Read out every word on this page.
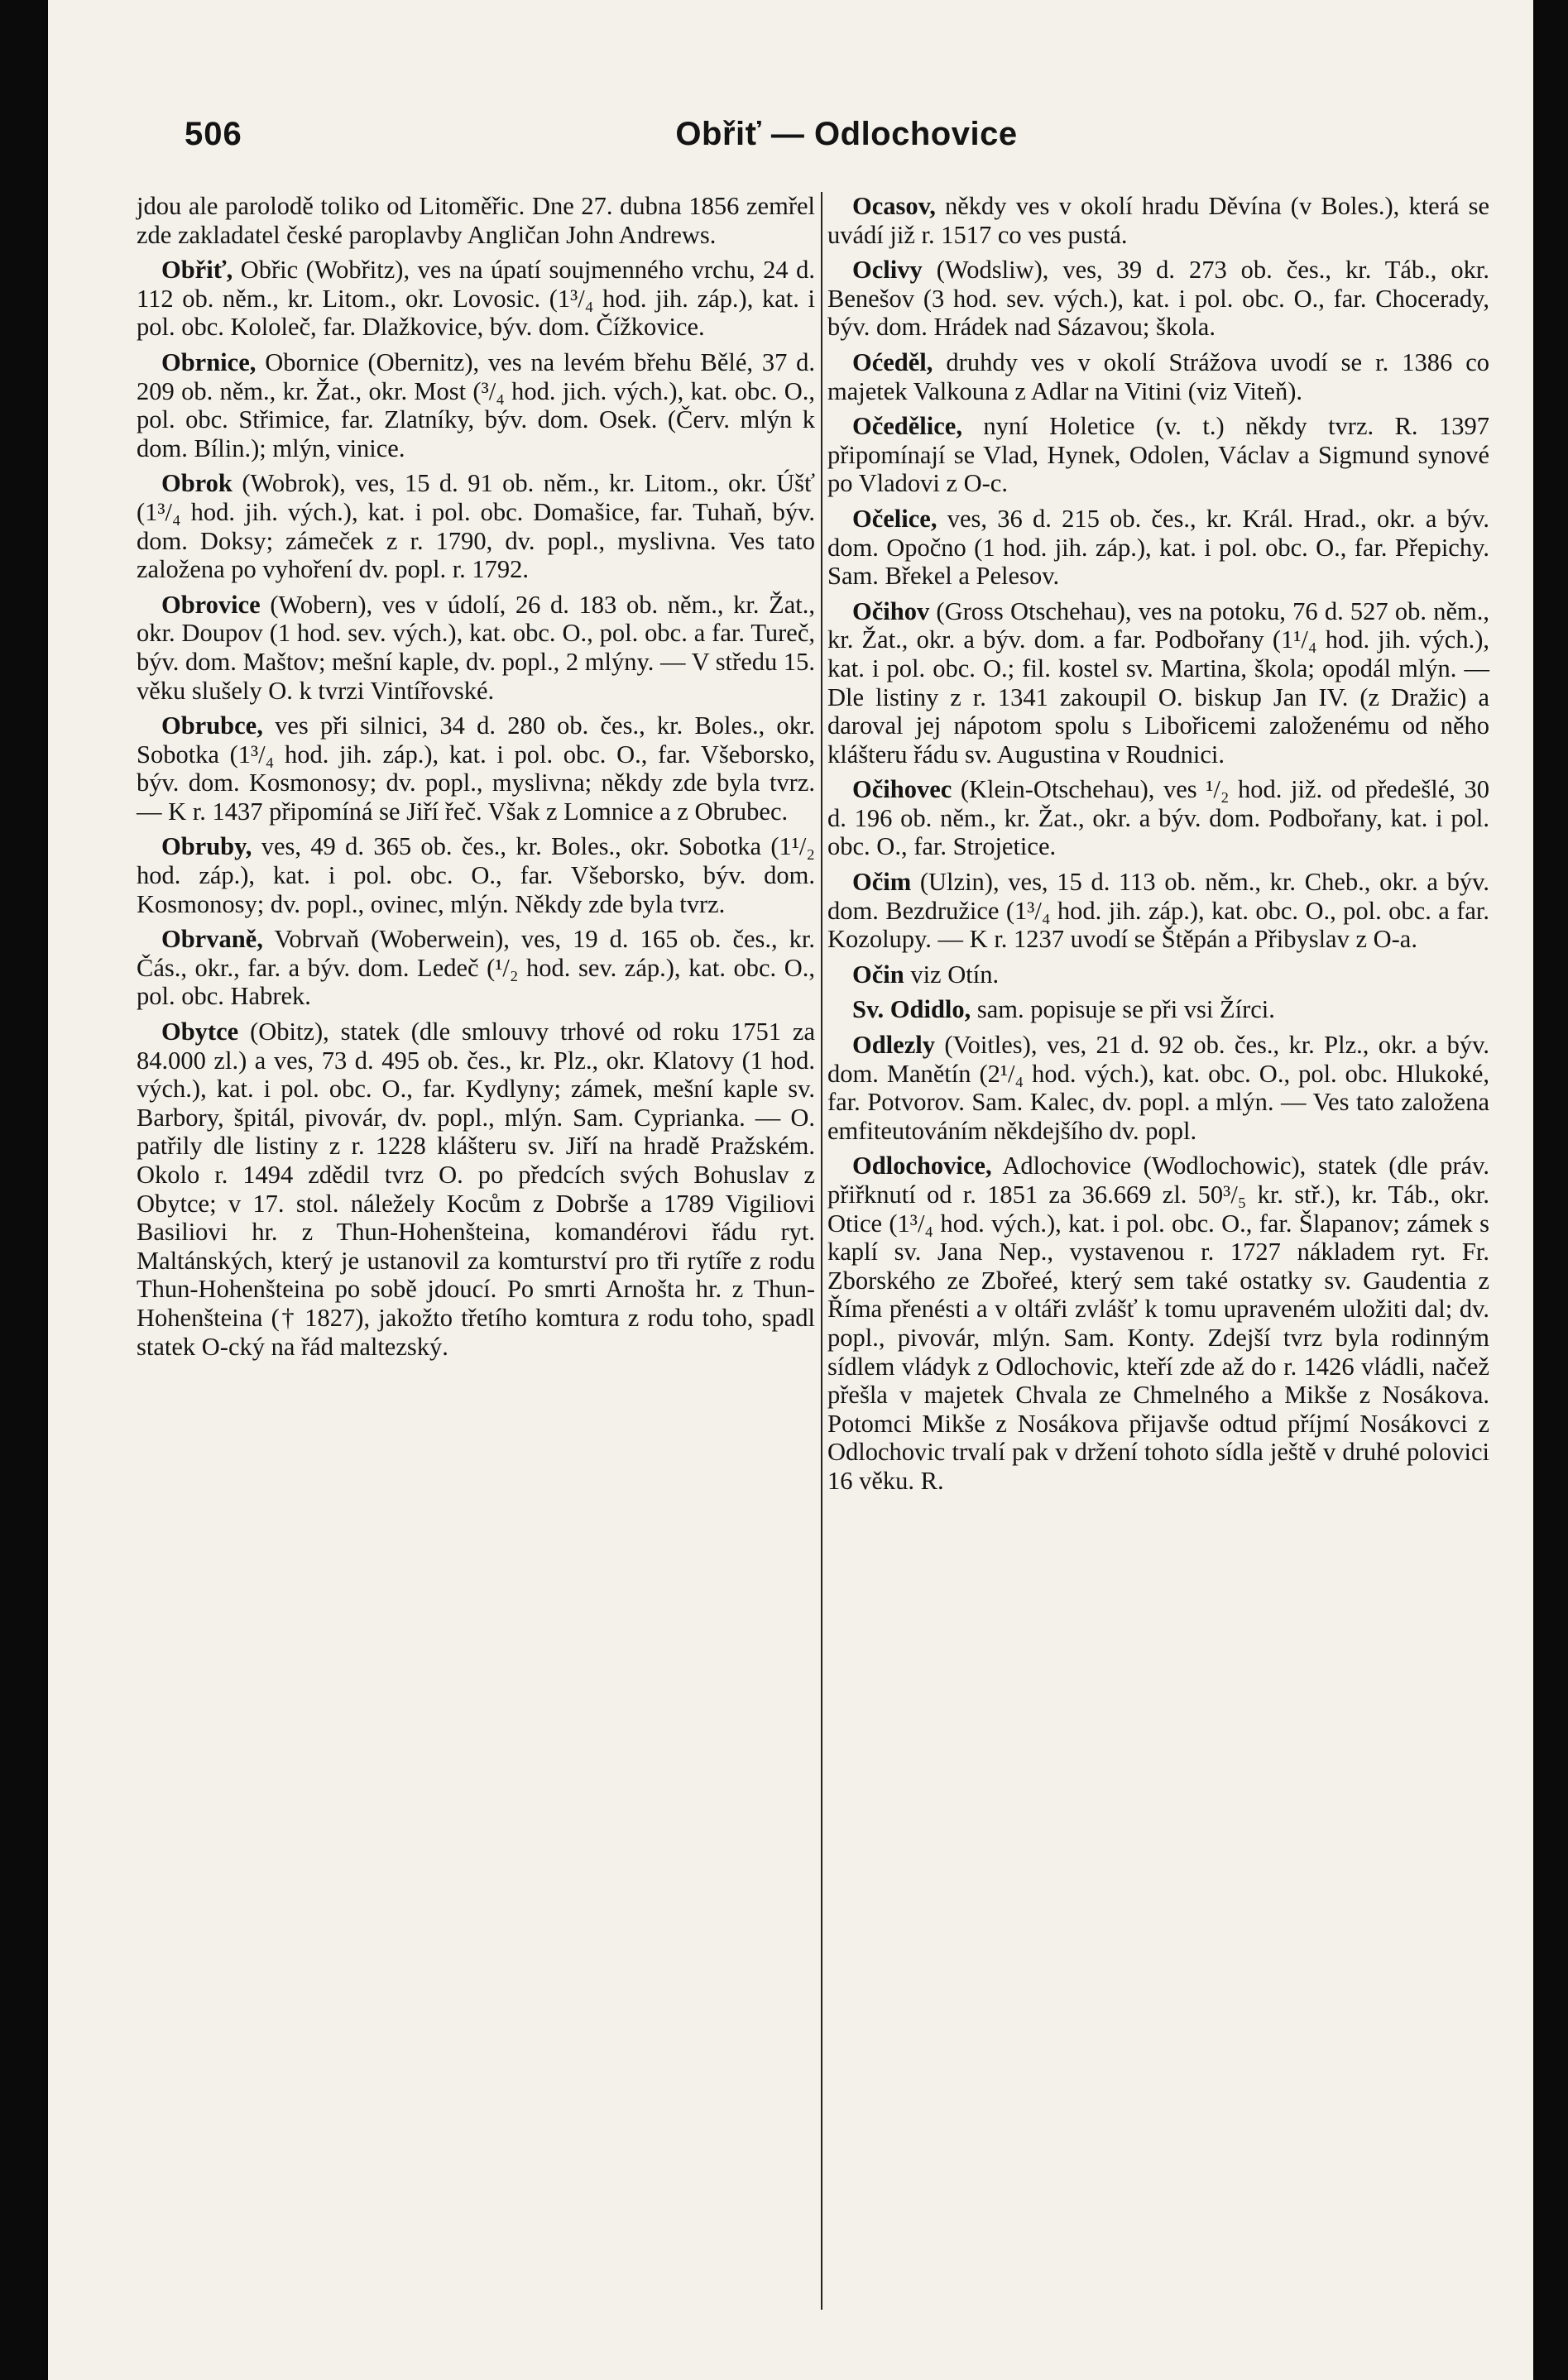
Obřiť — Odlochovice
506

jdou ale parolodě toliko od Litoměřic. Dne 27. dubna 1856 zemřel zde zakladatel české paroplavby Angličan John Andrews.

Obřiť, Obřic (Wobřitz), ves na úpatí soujmenného vrchu, 24 d. 112 ob. něm., kr. Litom., okr. Lovosic. (1³/₄ hod. jih. záp.), kat. i pol. obc. Kololeč, far. Dlažkovice, býv. dom. Čížkovice.

Obrnice, Obornice (Obernitz), ves na levém břehu Bělé, 37 d. 209 ob. něm., kr. Žat., okr. Most (³/₄ hod. jich. vých.), kat. obc. O., pol. obc. Střimice, far. Zlatníky, býv. dom. Osek. (Červ. mlýn k dom. Bílin.); mlýn, vinice.

Obrok (Wobrok), ves, 15 d. 91 ob. něm., kr. Litom., okr. Úšť (1³/₄ hod. jih. vých.), kat. i pol. obc. Domašice, far. Tuhaň, býv. dom. Doksy; zámeček z r. 1790, dv. popl., myslivna. Ves tato založena po vyhoření dv. popl. r. 1792.

Obrovice (Wobern), ves v údolí, 26 d. 183 ob. něm., kr. Žat., okr. Doupov (1 hod. sev. vých.), kat. obc. O., pol. obc. a far. Tureč, býv. dom. Maštov; mešní kaple, dv. popl., 2 mlýny. — V středu 15. věku slušely O. k tvrzi Vintířovské.

Obrubce, ves při silnici, 34 d. 280 ob. čes., kr. Boles., okr. Sobotka (1³/₄ hod. jih. záp.), kat. i pol. obc. O., far. Všeborsko, býv. dom. Kosmonosy; dv. popl., myslivna; někdy zde byla tvrz. — K r. 1437 připomíná se Jiří řeč. Však z Lomnice a z Obrubec.

Obruby, ves, 49 d. 365 ob. čes., kr. Boles., okr. Sobotka (1¹/₂ hod. záp.), kat. i pol. obc. O., far. Všeborsko, býv. dom. Kosmonosy; dv. popl., ovinec, mlýn. Někdy zde byla tvrz.

Obrvaně, Vobrvaň (Woberwein), ves, 19 d. 165 ob. čes., kr. Čás., okr., far. a býv. dom. Ledeč (¹/₂ hod. sev. záp.), kat. obc. O., pol. obc. Habrek.

Obytce (Obitz), statek (dle smlouvy trhové od roku 1751 za 84.000 zl.) a ves, 73 d. 495 ob. čes., kr. Plz., okr. Klatovy (1 hod. vých.), kat. i pol. obc. O., far. Kydlyny; zámek, mešní kaple sv. Barbory, špitál, pivovár, dv. popl., mlýn. Sam. Cyprianka. — O. patřily dle listiny z r. 1228 klášteru sv. Jiří na hradě Pražském. Okolo r. 1494 zdědil tvrz O. po předcích svých Bohuslav z Obytce; v 17. stol. náležely Kocům z Dobrše a 1789 Vigiliovi Basiliovi hr. z Thun-Hohenšteina, komandérovi řádu ryt. Maltánských, který je ustanovil za komturství pro tři rytíře z rodu Thun-Hohenšteina po sobě jdoucí. Po smrti Arnošta hr. z Thun-Hohenšteina († 1827), jakožto třetího komtura z rodu toho, spadl statek O-cký na řád maltezský.

Ocasov, někdy ves v okolí hradu Děvína (v Boles.), která se uvádí již r. 1517 co ves pustá.

Oclivy (Wodsliw), ves, 39 d. 273 ob. čes., kr. Táb., okr. Benešov (3 hod. sev. vých.), kat. i pol. obc. O., far. Chocerady, býv. dom. Hrádek nad Sázavou; škola.

Oćeděl, druhdy ves v okolí Strážova uvodí se r. 1386 co majetek Valkouna z Adlar na Vitini (viz Viteň).

Očedělice, nyní Holetice (v. t.) někdy tvrz. R. 1397 připomínají se Vlad, Hynek, Odolen, Václav a Sigmund synové po Vladovi z O-c.

Očelice, ves, 36 d. 215 ob. čes., kr. Král. Hrad., okr. a býv. dom. Opočno (1 hod. jih. záp.), kat. i pol. obc. O., far. Přepichy. Sam. Břekel a Pelesov.

Očihov (Gross Otschehau), ves na potoku, 76 d. 527 ob. něm., kr. Žat., okr. a býv. dom. a far. Podbořany (1¹/₄ hod. jih. vých.), kat. i pol. obc. O.; fil. kostel sv. Martina, škola; opodál mlýn. — Dle listiny z r. 1341 zakoupil O. biskup Jan IV. (z Dražic) a daroval jej nápotom spolu s Libořicemi založenému od něho klášteru řádu sv. Augustina v Roudnici.

Očihovec (Klein-Otschehau), ves ¹/₂ hod. již. od předešlé, 30 d. 196 ob. něm., kr. Žat., okr. a býv. dom. Podbořany, kat. i pol. obc. O., far. Strojetice.

Očim (Ulzin), ves, 15 d. 113 ob. něm., kr. Cheb., okr. a býv. dom. Bezdružice (1³/₄ hod. jih. záp.), kat. obc. O., pol. obc. a far. Kozolupy. — K r. 1237 uvodí se Štěpán a Přibyslav z O-a.

Očin viz Otín.

Sv. Odidlo, sam. popisuje se při vsi Žírci.

Odlezly (Voitles), ves, 21 d. 92 ob. čes., kr. Plz., okr. a býv. dom. Manětín (2¹/₄ hod. vých.), kat. obc. O., pol. obc. Hlukoké, far. Potvorov. Sam. Kalec, dv. popl. a mlýn. — Ves tato založena emfiteutováním někdejšího dv. popl.

Odlochovice, Adlochovice (Wodlochowic), statek (dle práv. přiřknutí od r. 1851 za 36.669 zl. 50³/₅ kr. stř.), kr. Táb., okr. Otice (1³/₄ hod. vých.), kat. i pol. obc. O., far. Šlapanov; zámek s kaplí sv. Jana Nep., vystavenou r. 1727 nákladem ryt. Fr. Zborského ze Zbořeé, který sem také ostatky sv. Gaudentia z Říma přenésti a v oltáři zvlášť k tomu upraveném uložiti dal; dv. popl., pivovár, mlýn. Sam. Konty. Zdejší tvrz byla rodinným sídlem vládyk z Odlochovic, kteří zde až do r. 1426 vládli, načež přešla v majetek Chvala ze Chmelného a Mikše z Nosákova. Potomci Mikše z Nosákova přijavše odtud příjmí Nosákovci z Odlochovic trvalí pak v držení tohoto sídla ještě v druhé polovici 16 věku. R.
